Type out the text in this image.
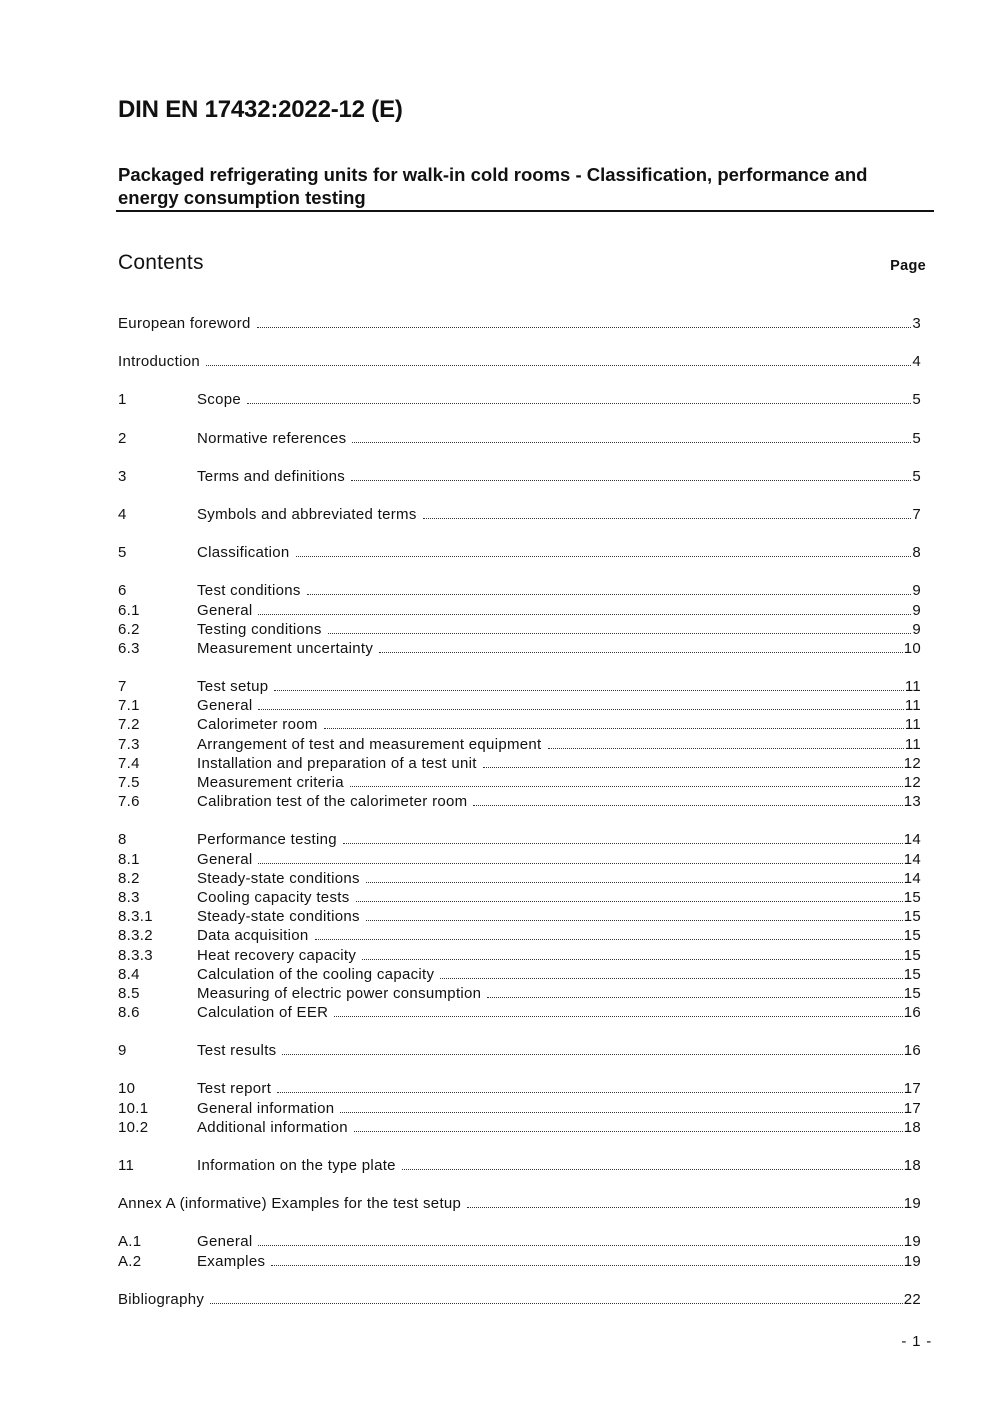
DIN EN 17432:2022-12 (E)
Packaged refrigerating units for walk-in cold rooms - Classification, performance and energy consumption testing
Contents	Page
European foreword	3
Introduction	4
1	Scope	5
2	Normative references	5
3	Terms and definitions	5
4	Symbols and abbreviated terms	7
5	Classification	8
6	Test conditions	9
6.1	General	9
6.2	Testing conditions	9
6.3	Measurement uncertainty	10
7	Test setup	11
7.1	General	11
7.2	Calorimeter room	11
7.3	Arrangement of test and measurement equipment	11
7.4	Installation and preparation of a test unit	12
7.5	Measurement criteria	12
7.6	Calibration test of the calorimeter room	13
8	Performance testing	14
8.1	General	14
8.2	Steady-state conditions	14
8.3	Cooling capacity tests	15
8.3.1	Steady-state conditions	15
8.3.2	Data acquisition	15
8.3.3	Heat recovery capacity	15
8.4	Calculation of the cooling capacity	15
8.5	Measuring of electric power consumption	15
8.6	Calculation of EER	16
9	Test results	16
10	Test report	17
10.1	General information	17
10.2	Additional information	18
11	Information on the type plate	18
Annex A (informative) Examples for the test setup	19
A.1	General	19
A.2	Examples	19
Bibliography	22
- 1 -
